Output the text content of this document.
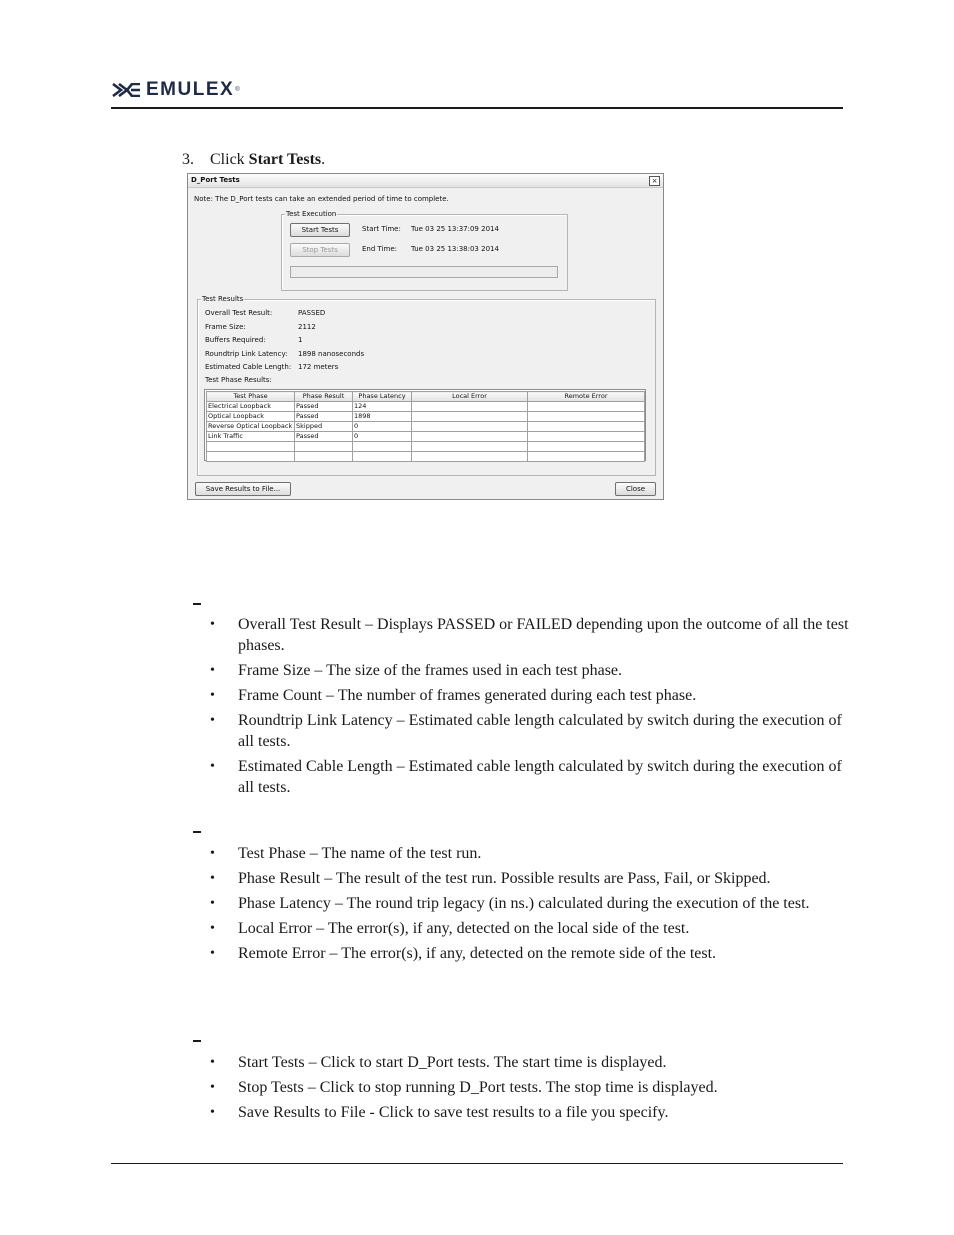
EMULEX ®
3. Click Start Tests.
D_Port Tests	×
Note: The D_Port tests can take an extended period of time to complete.
Test Execution
Start Tests
Stop Tests
Start Time: Tue 03 25 13:37:09 2014
End Time: Tue 03 25 13:38:03 2014
Test Results
Overall Test Result:	PASSED
Frame Size:	2112
Buffers Required:	1
Roundtrip Link Latency: 1898 nanoseconds
Estimated Cable Length: 172 meters
Test Phase Results:
Test Phase	Phase Result	Phase Latency	Local Error	Remote Error
Electrical Loopback	Passed	124		
Optical Loopback	Passed	1898		
Reverse Optical Loopback	Skipped	0		
Link Traffic	Passed	0		

Save Results to File...	Close
• Overall Test Result – Displays PASSED or FAILED depending upon the outcome of all the test phases.
• Frame Size – The size of the frames used in each test phase.
• Frame Count – The number of frames generated during each test phase.
• Roundtrip Link Latency – Estimated cable length calculated by switch during the execution of all tests.
• Estimated Cable Length – Estimated cable length calculated by switch during the execution of all tests.
• Test Phase – The name of the test run.
• Phase Result – The result of the test run. Possible results are Pass, Fail, or Skipped.
• Phase Latency – The round trip legacy (in ns.) calculated during the execution of the test.
• Local Error – The error(s), if any, detected on the local side of the test.
• Remote Error – The error(s), if any, detected on the remote side of the test.
• Start Tests – Click to start D_Port tests. The start time is displayed.
• Stop Tests – Click to stop running D_Port tests. The stop time is displayed.
• Save Results to File - Click to save test results to a file you specify.
